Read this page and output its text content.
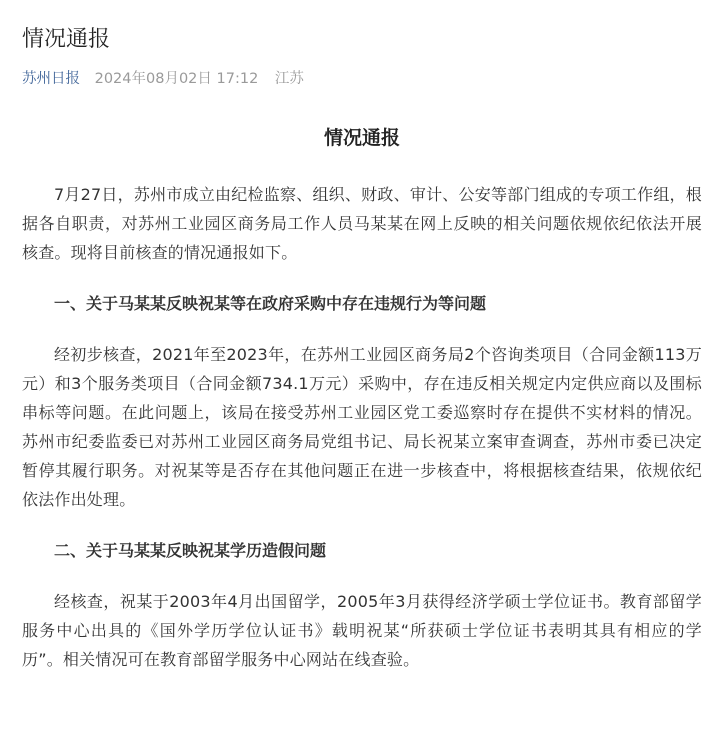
情况通报
苏州日报 2024年08月02日 17:12 江苏
情况通报

7月27日，苏州市成立由纪检监察、组织、财政、审计、公安等部门组成的专项工作组，根据各自职责，对苏州工业园区商务局工作人员马某某在网上反映的相关问题依规依纪依法开展核查。现将目前核查的情况通报如下。

一、关于马某某反映祝某等在政府采购中存在违规行为等问题

经初步核查，2021年至2023年，在苏州工业园区商务局2个咨询类项目（合同金额113万元）和3个服务类项目（合同金额734.1万元）采购中，存在违反相关规定内定供应商以及围标串标等问题。在此问题上，该局在接受苏州工业园区党工委巡察时存在提供不实材料的情况。苏州市纪委监委已对苏州工业园区商务局党组书记、局长祝某立案审查调查，苏州市委已决定暂停其履行职务。对祝某等是否存在其他问题正在进一步核查中，将根据核查结果，依规依纪依法作出处理。

二、关于马某某反映祝某学历造假问题

经核查，祝某于2003年4月出国留学，2005年3月获得经济学硕士学位证书。教育部留学服务中心出具的《国外学历学位认证书》载明祝某“所获硕士学位证书表明其具有相应的学历”。相关情况可在教育部留学服务中心网站在线查验。
